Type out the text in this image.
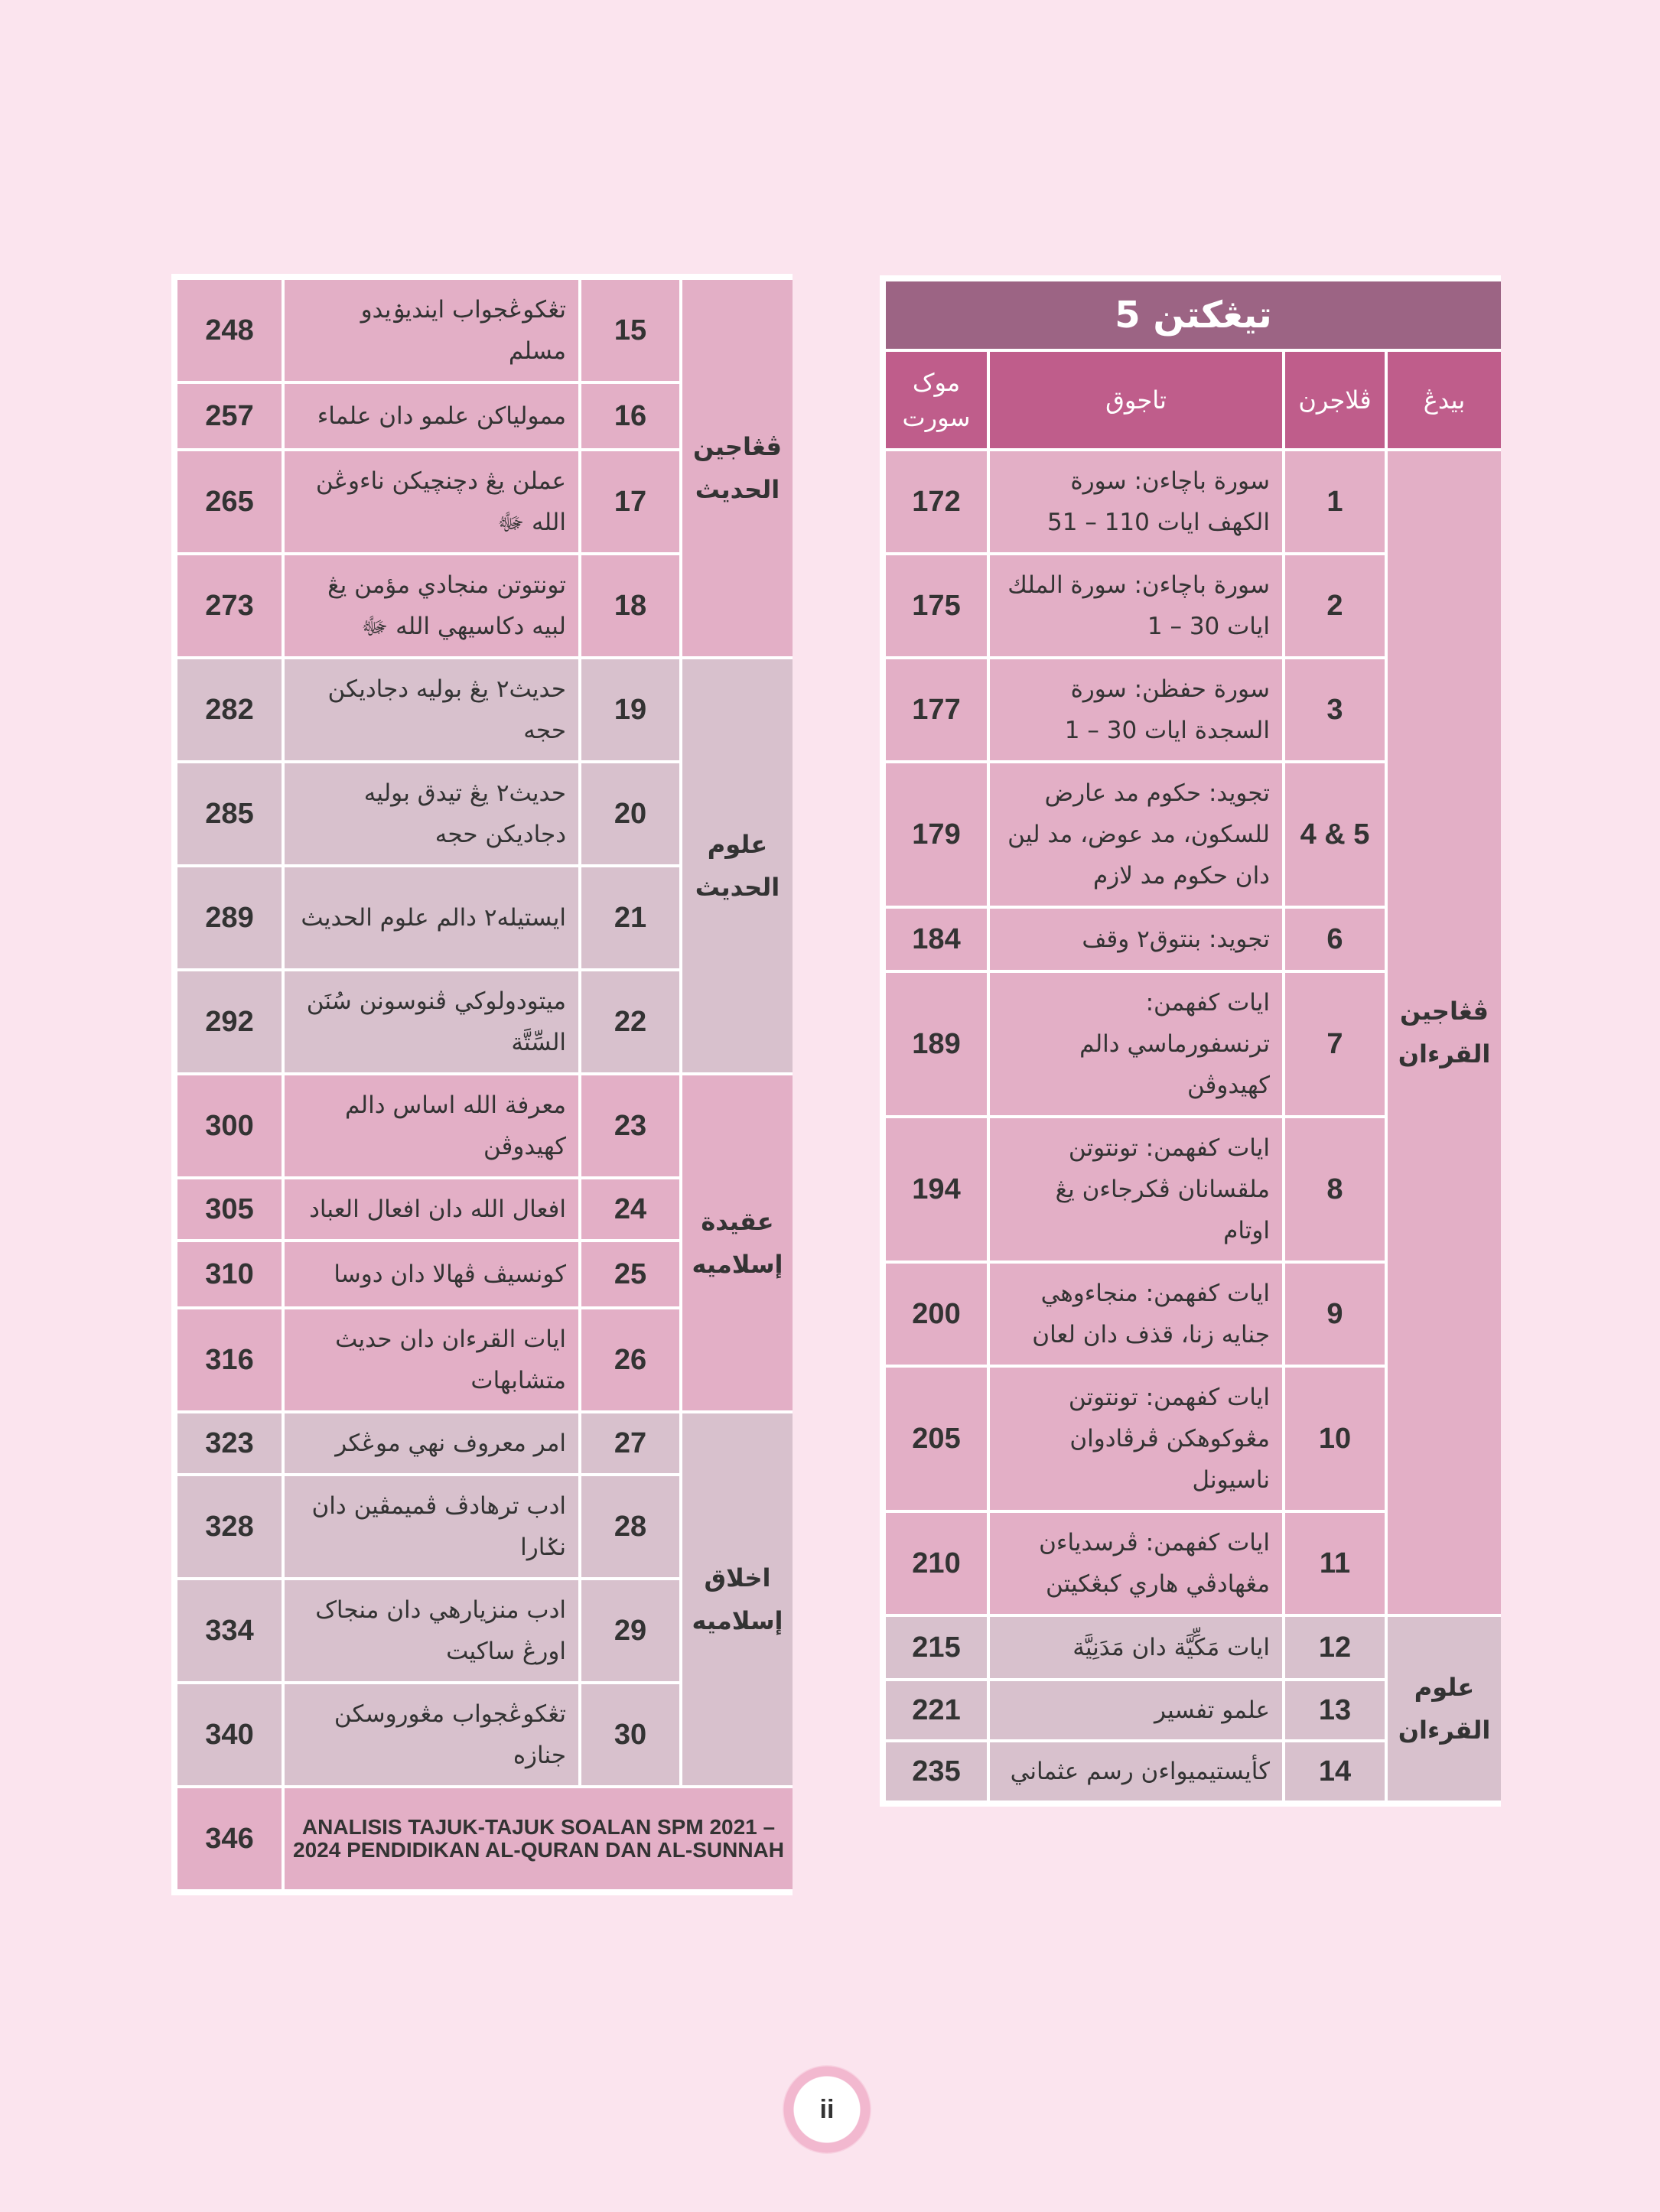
248	تڠکوڠجواب اينديۏيدو مسلم	15	ڤڠاجين الحديث
257	ممولياکن علمو دان علماء	16	
265	عملن يڠ دچنچيکن ناءوڠن الله ﷻ	17	
273	تونتوتن منجادي مؤمن يڠ لبيه دکاسيهي الله ﷻ	18	
282	حديث٢ يڠ بوليه دجاديکن حجه	19	علوم الحديث
285	حديث٢ يڠ تيدق بوليه دجاديکن حجه	20	
289	ايستيله٢ دالم علوم الحديث	21	
292	ميتودولوکي ڤنوسونن سُنَن السِّتَّة	22	
300	معرفة الله اساس دالم کهيدوڤن	23	عقيدة إسلاميه
305	افعال الله دان افعال العباد	24	
310	کونسيڤ ڤهالا دان دوسا	25	
316	ايات القرءان دان حديث متشابهات	26	
323	امر معروف نهي موڠکر	27	اخلاق إسلاميه
328	ادب ترهادڤ ڤميمڤين دان نݢارا	28	
334	ادب منزيارهي دان منجاک اورڠ ساکيت	29	
340	تڠکوڠجواب مڠوروسکن جنازه	30	
346	ANALISIS TAJUK-TAJUK SOALAN SPM 2021 – 2024 PENDIDIKAN AL-QURAN DAN AL-SUNNAH		
تيڠكتن 5			
موک سورت	تاجوق	ڤلاجرن	بيدڠ
172	سورة باچاءن: سورة الكهف ايات 110 – 51	1	ڤڠاجين القرءان
175	سورة باچاءن: سورة الملك ايات 30 – 1	2	
177	سورة حفظن: سورة السجدة ايات 30 – 1	3	
179	تجويد: حکوم مد عارض للسکون، مد عوض، مد لين دان حکوم مد لازم	4 & 5	
184	تجويد: بنتوق٢ وقف	6	
189	ايات کفهمن: ترنسفورماسي دالم کهيدوڤن	7	
194	ايات کفهمن: تونتوتن ملقسانان ڤکرجاءن يڠ اوتام	8	
200	ايات کفهمن: منجاءوهي جنايه زنا، قذف دان لعان	9	
205	ايات کفهمن: تونتوتن مڠوکوهکن ڤرڤادوان ناسيونل	10	
210	ايات کفهمن: ڤرسدياءن مڠهادڤي هاري کبڠکيتن	11	
215	ايات مَكِّيَّة دان مَدَنِيَّة	12	علوم القرءان
221	علمو تفسير	13	
235	کأيستيميواءن رسم عثماني	14	
ii
